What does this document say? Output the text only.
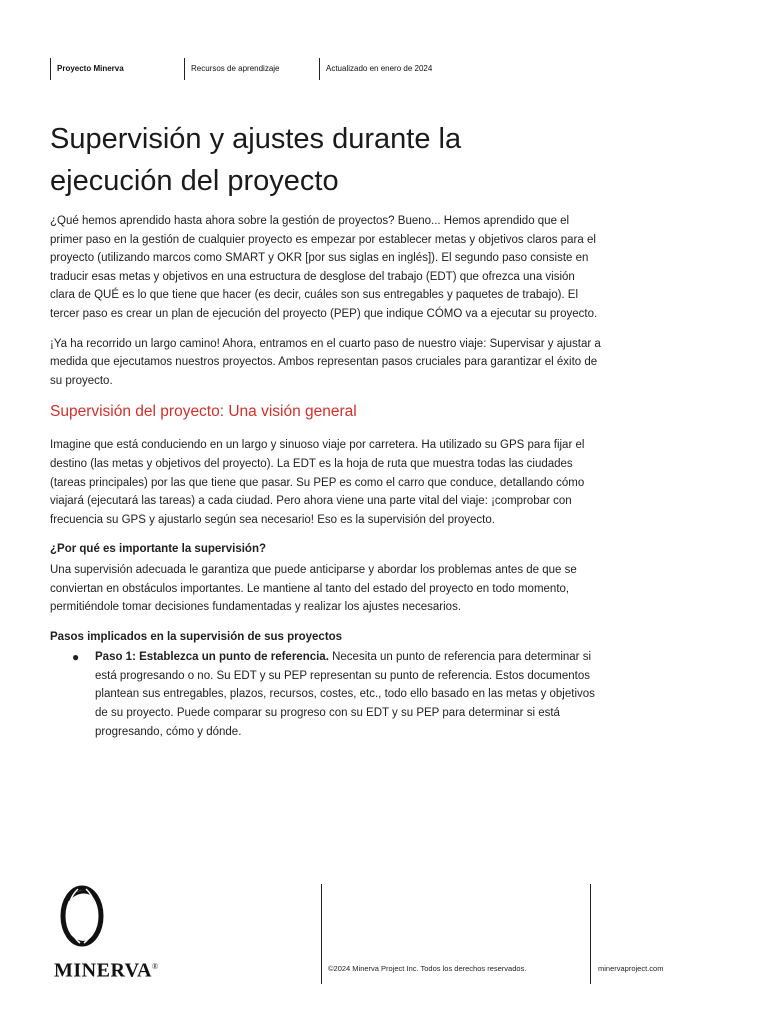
Proyecto Minerva	Recursos de aprendizaje	Actualizado en enero de 2024
Supervisión y ajustes durante la
ejecución del proyecto

¿Qué hemos aprendido hasta ahora sobre la gestión de proyectos? Bueno... Hemos aprendido que el primer paso en la gestión de cualquier proyecto es empezar por establecer metas y objetivos claros para el proyecto (utilizando marcos como SMART y OKR [por sus siglas en inglés]). El segundo paso consiste en traducir esas metas y objetivos en una estructura de desglose del trabajo (EDT) que ofrezca una visión clara de QUÉ es lo que tiene que hacer (es decir, cuáles son sus entregables y paquetes de trabajo). El tercer paso es crear un plan de ejecución del proyecto (PEP) que indique CÓMO va a ejecutar su proyecto.

¡Ya ha recorrido un largo camino! Ahora, entramos en el cuarto paso de nuestro viaje: Supervisar y ajustar a medida que ejecutamos nuestros proyectos. Ambos representan pasos cruciales para garantizar el éxito de su proyecto.

Supervisión del proyecto: Una visión general

Imagine que está conduciendo en un largo y sinuoso viaje por carretera. Ha utilizado su GPS para fijar el destino (las metas y objetivos del proyecto). La EDT es la hoja de ruta que muestra todas las ciudades (tareas principales) por las que tiene que pasar. Su PEP es como el carro que conduce, detallando cómo viajará (ejecutará las tareas) a cada ciudad. Pero ahora viene una parte vital del viaje: ¡comprobar con frecuencia su GPS y ajustarlo según sea necesario! Eso es la supervisión del proyecto.

¿Por qué es importante la supervisión?

Una supervisión adecuada le garantiza que puede anticiparse y abordar los problemas antes de que se conviertan en obstáculos importantes. Le mantiene al tanto del estado del proyecto en todo momento, permitiéndole tomar decisiones fundamentadas y realizar los ajustes necesarios.

Pasos implicados en la supervisión de sus proyectos
● Paso 1: Establezca un punto de referencia. Necesita un punto de referencia para determinar si está progresando o no. Su EDT y su PEP representan su punto de referencia. Estos documentos plantean sus entregables, plazos, recursos, costes, etc., todo ello basado en las metas y objetivos de su proyecto. Puede comparar su progreso con su EDT y su PEP para determinar si está progresando, cómo y dónde.
MINERVA®	©2024 Minerva Project Inc. Todos los derechos reservados.	minervaproject.com
